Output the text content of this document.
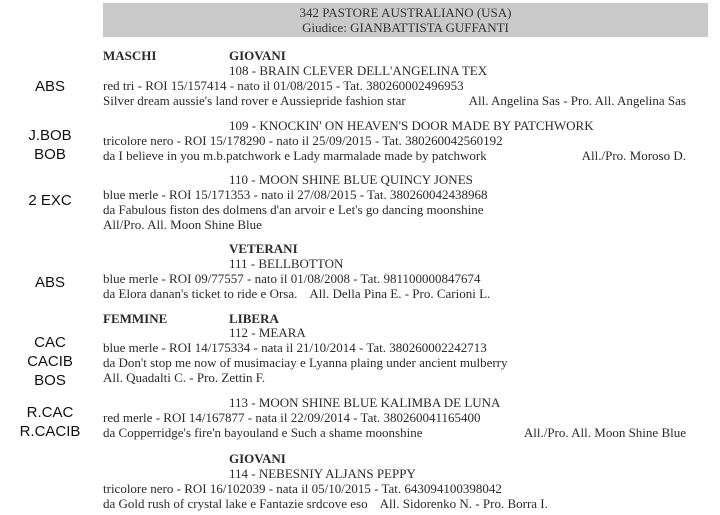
342 PASTORE AUSTRALIANO (USA)
Giudice: GIANBATTISTA GUFFANTI
MASCHI	GIOVANI
ABS
108 - BRAIN CLEVER DELL'ANGELINA TEX
red tri - ROI 15/157414 - nato il 01/08/2015 - Tat. 380260002496953
Silver dream aussie's land rover e Aussiepride fashion star	All. Angelina Sas - Pro. All. Angelina Sas
J.BOB
BOB
109 - KNOCKIN' ON HEAVEN'S DOOR MADE BY PATCHWORK
tricolore nero - ROI 15/178290 - nato il 25/09/2015 - Tat. 380260042560192
da I believe in you m.b.patchwork e Lady marmalade made by patchwork	All./Pro. Moroso D.
2 EXC
110 - MOON SHINE BLUE QUINCY JONES
blue merle - ROI 15/171353 - nato il 27/08/2015 - Tat. 380260042438968
da Fabulous fiston des dolmens d'an arvoir e Let's go dancing moonshine
All/Pro. All. Moon Shine Blue
VETERANI
ABS
111 - BELLBOTTON
blue merle - ROI 09/77557 - nato il 01/08/2008 - Tat. 981100000847674
da Elora danan's ticket to ride e Orsa. All. Della Pina E. - Pro. Carioni L.
FEMMINE	LIBERA
CAC
CACIB
BOS
112 - MEARA
blue merle - ROI 14/175334 - nata il 21/10/2014 - Tat. 380260002242713
da Don't stop me now of musimaciay e Lyanna plaing under ancient mulberry
All. Quadalti C. - Pro. Zettin F.
R.CAC
R.CACIB
113 - MOON SHINE BLUE KALIMBA DE LUNA
red merle - ROI 14/167877 - nata il 22/09/2014 - Tat. 380260041165400
da Copperridge's fire'n bayouland e Such a shame moonshine	All./Pro. All. Moon Shine Blue
GIOVANI
114 - NEBESNIY ALJANS PEPPY
tricolore nero - ROI 16/102039 - nata il 05/10/2015 - Tat. 643094100398042
da Gold rush of crystal lake e Fantazie srdcove eso All. Sidorenko N. - Pro. Borra I.
